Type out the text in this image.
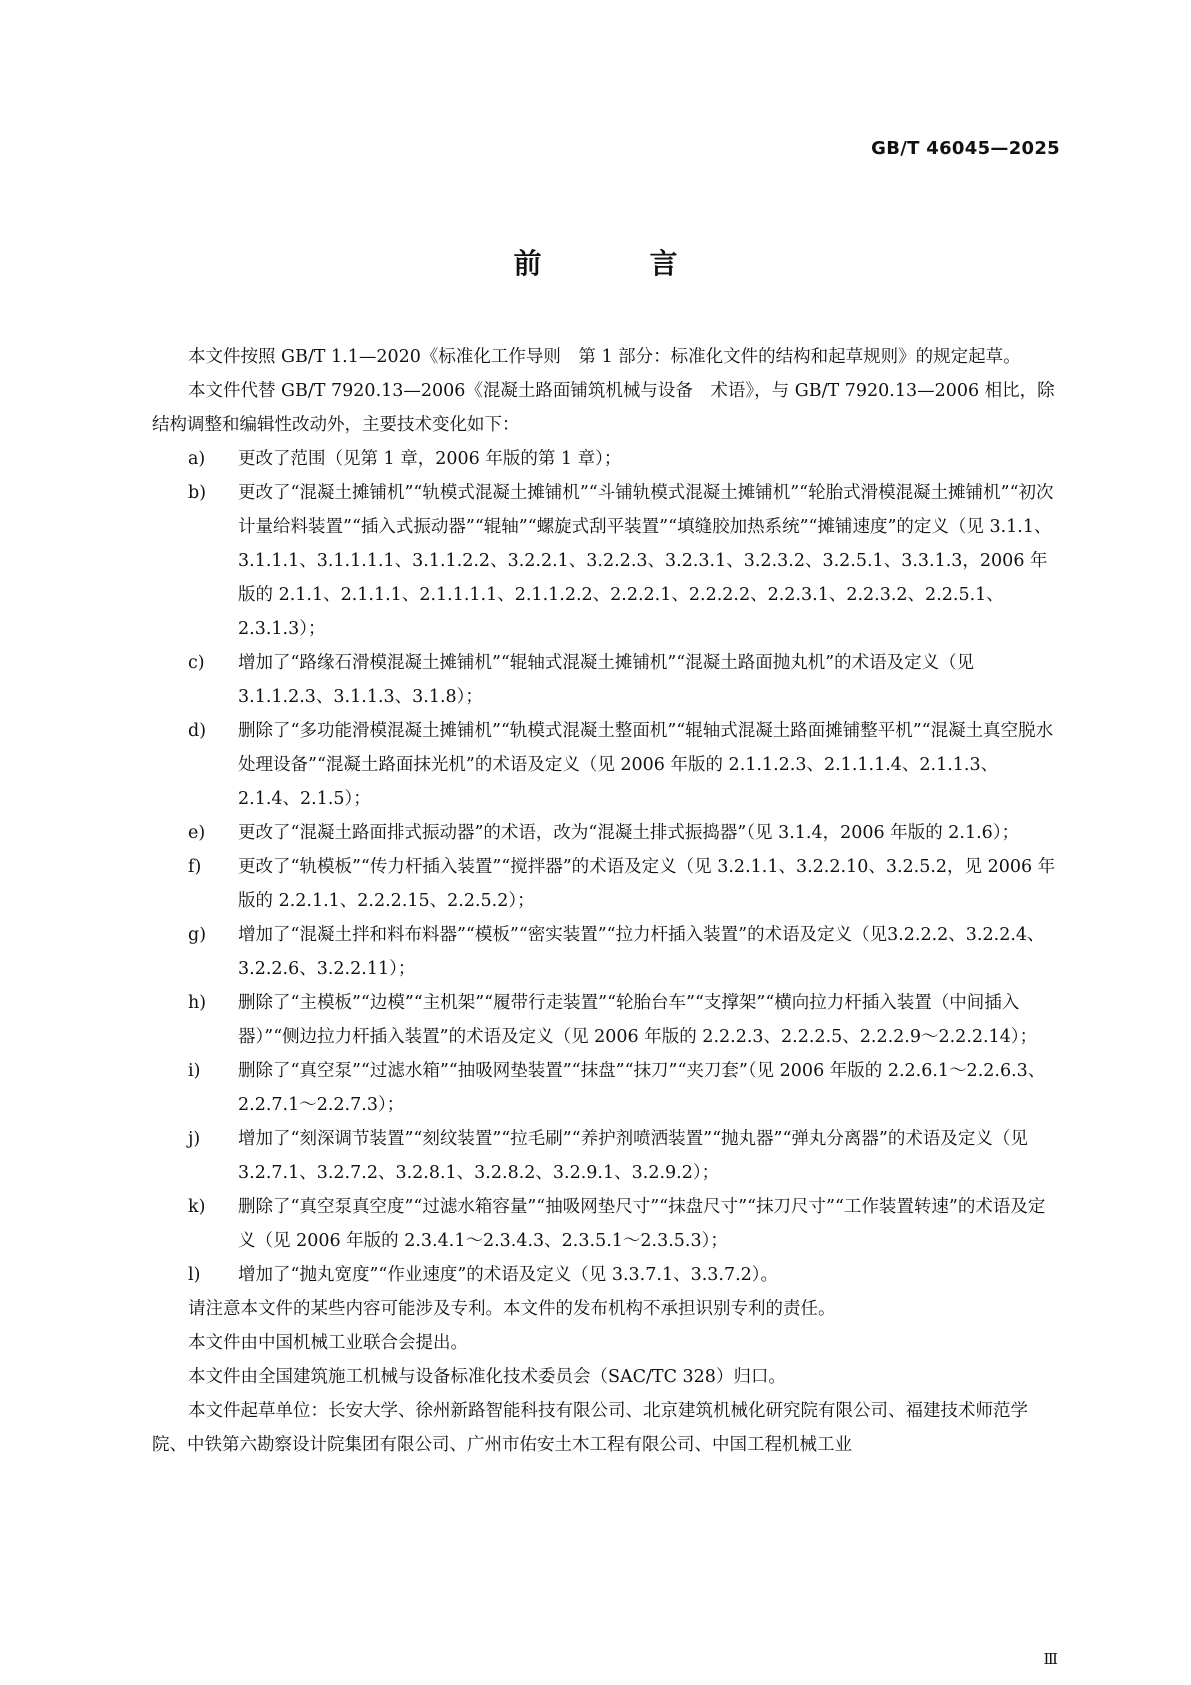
GB/T 46045—2025
前　言

本文件按照 GB/T 1.1—2020《标准化工作导则　第 1 部分：标准化文件的结构和起草规则》的规定起草。

本文件代替 GB/T 7920.13—2006《混凝土路面铺筑机械与设备　术语》，与 GB/T 7920.13—2006 相比，除结构调整和编辑性改动外，主要技术变化如下：

a) 更改了范围（见第 1 章，2006 年版的第 1 章）；
b) 更改了“混凝土摊铺机”“轨模式混凝土摊铺机”“斗铺轨模式混凝土摊铺机”“轮胎式滑模混凝土摊铺机”“初次计量给料装置”“插入式振动器”“辊轴”“螺旋式刮平装置”“填缝胶加热系统”“摊铺速度”的定义（见 3.1.1、3.1.1.1、3.1.1.1.1、3.1.1.2.2、3.2.2.1、3.2.2.3、3.2.3.1、3.2.3.2、3.2.5.1、3.3.1.3，2006 年版的 2.1.1、2.1.1.1、2.1.1.1.1、2.1.1.2.2、2.2.2.1、2.2.2.2、2.2.3.1、2.2.3.2、2.2.5.1、2.3.1.3）；
c) 增加了“路缘石滑模混凝土摊铺机”“辊轴式混凝土摊铺机”“混凝土路面抛丸机”的术语及定义（见 3.1.1.2.3、3.1.1.3、3.1.8）；
d) 删除了“多功能滑模混凝土摊铺机”“轨模式混凝土整面机”“辊轴式混凝土路面摊铺整平机”“混凝土真空脱水处理设备”“混凝土路面抹光机”的术语及定义（见 2006 年版的 2.1.1.2.3、2.1.1.1.4、2.1.1.3、2.1.4、2.1.5）；
e) 更改了“混凝土路面排式振动器”的术语，改为“混凝土排式振捣器”（见 3.1.4，2006 年版的 2.1.6）；
f) 更改了“轨模板”“传力杆插入装置”“搅拌器”的术语及定义（见 3.2.1.1、3.2.2.10、3.2.5.2，见 2006 年版的 2.2.1.1、2.2.2.15、2.2.5.2）；
g) 增加了“混凝土拌和料布料器”“模板”“密实装置”“拉力杆插入装置”的术语及定义（见3.2.2.2、3.2.2.4、3.2.2.6、3.2.2.11）；
h) 删除了“主模板”“边模”“主机架”“履带行走装置”“轮胎台车”“支撑架”“横向拉力杆插入装置（中间插入器）”“侧边拉力杆插入装置”的术语及定义（见 2006 年版的 2.2.2.3、2.2.2.5、2.2.2.9～2.2.2.14）；
i) 删除了“真空泵”“过滤水箱”“抽吸网垫装置”“抹盘”“抹刀”“夹刀套”（见 2006 年版的 2.2.6.1～2.2.6.3、2.2.7.1～2.2.7.3）；
j) 增加了“刻深调节装置”“刻纹装置”“拉毛刷”“养护剂喷洒装置”“抛丸器”“弹丸分离器”的术语及定义（见 3.2.7.1、3.2.7.2、3.2.8.1、3.2.8.2、3.2.9.1、3.2.9.2）；
k) 删除了“真空泵真空度”“过滤水箱容量”“抽吸网垫尺寸”“抹盘尺寸”“抹刀尺寸”“工作装置转速”的术语及定义（见 2006 年版的 2.3.4.1～2.3.4.3、2.3.5.1～2.3.5.3）；
l) 增加了“抛丸宽度”“作业速度”的术语及定义（见 3.3.7.1、3.3.7.2）。

请注意本文件的某些内容可能涉及专利。本文件的发布机构不承担识别专利的责任。

本文件由中国机械工业联合会提出。

本文件由全国建筑施工机械与设备标准化技术委员会（SAC/TC 328）归口。

本文件起草单位：长安大学、徐州新路智能科技有限公司、北京建筑机械化研究院有限公司、福建技术师范学院、中铁第六勘察设计院集团有限公司、广州市佑安土木工程有限公司、中国工程机械工业

Ⅲ
